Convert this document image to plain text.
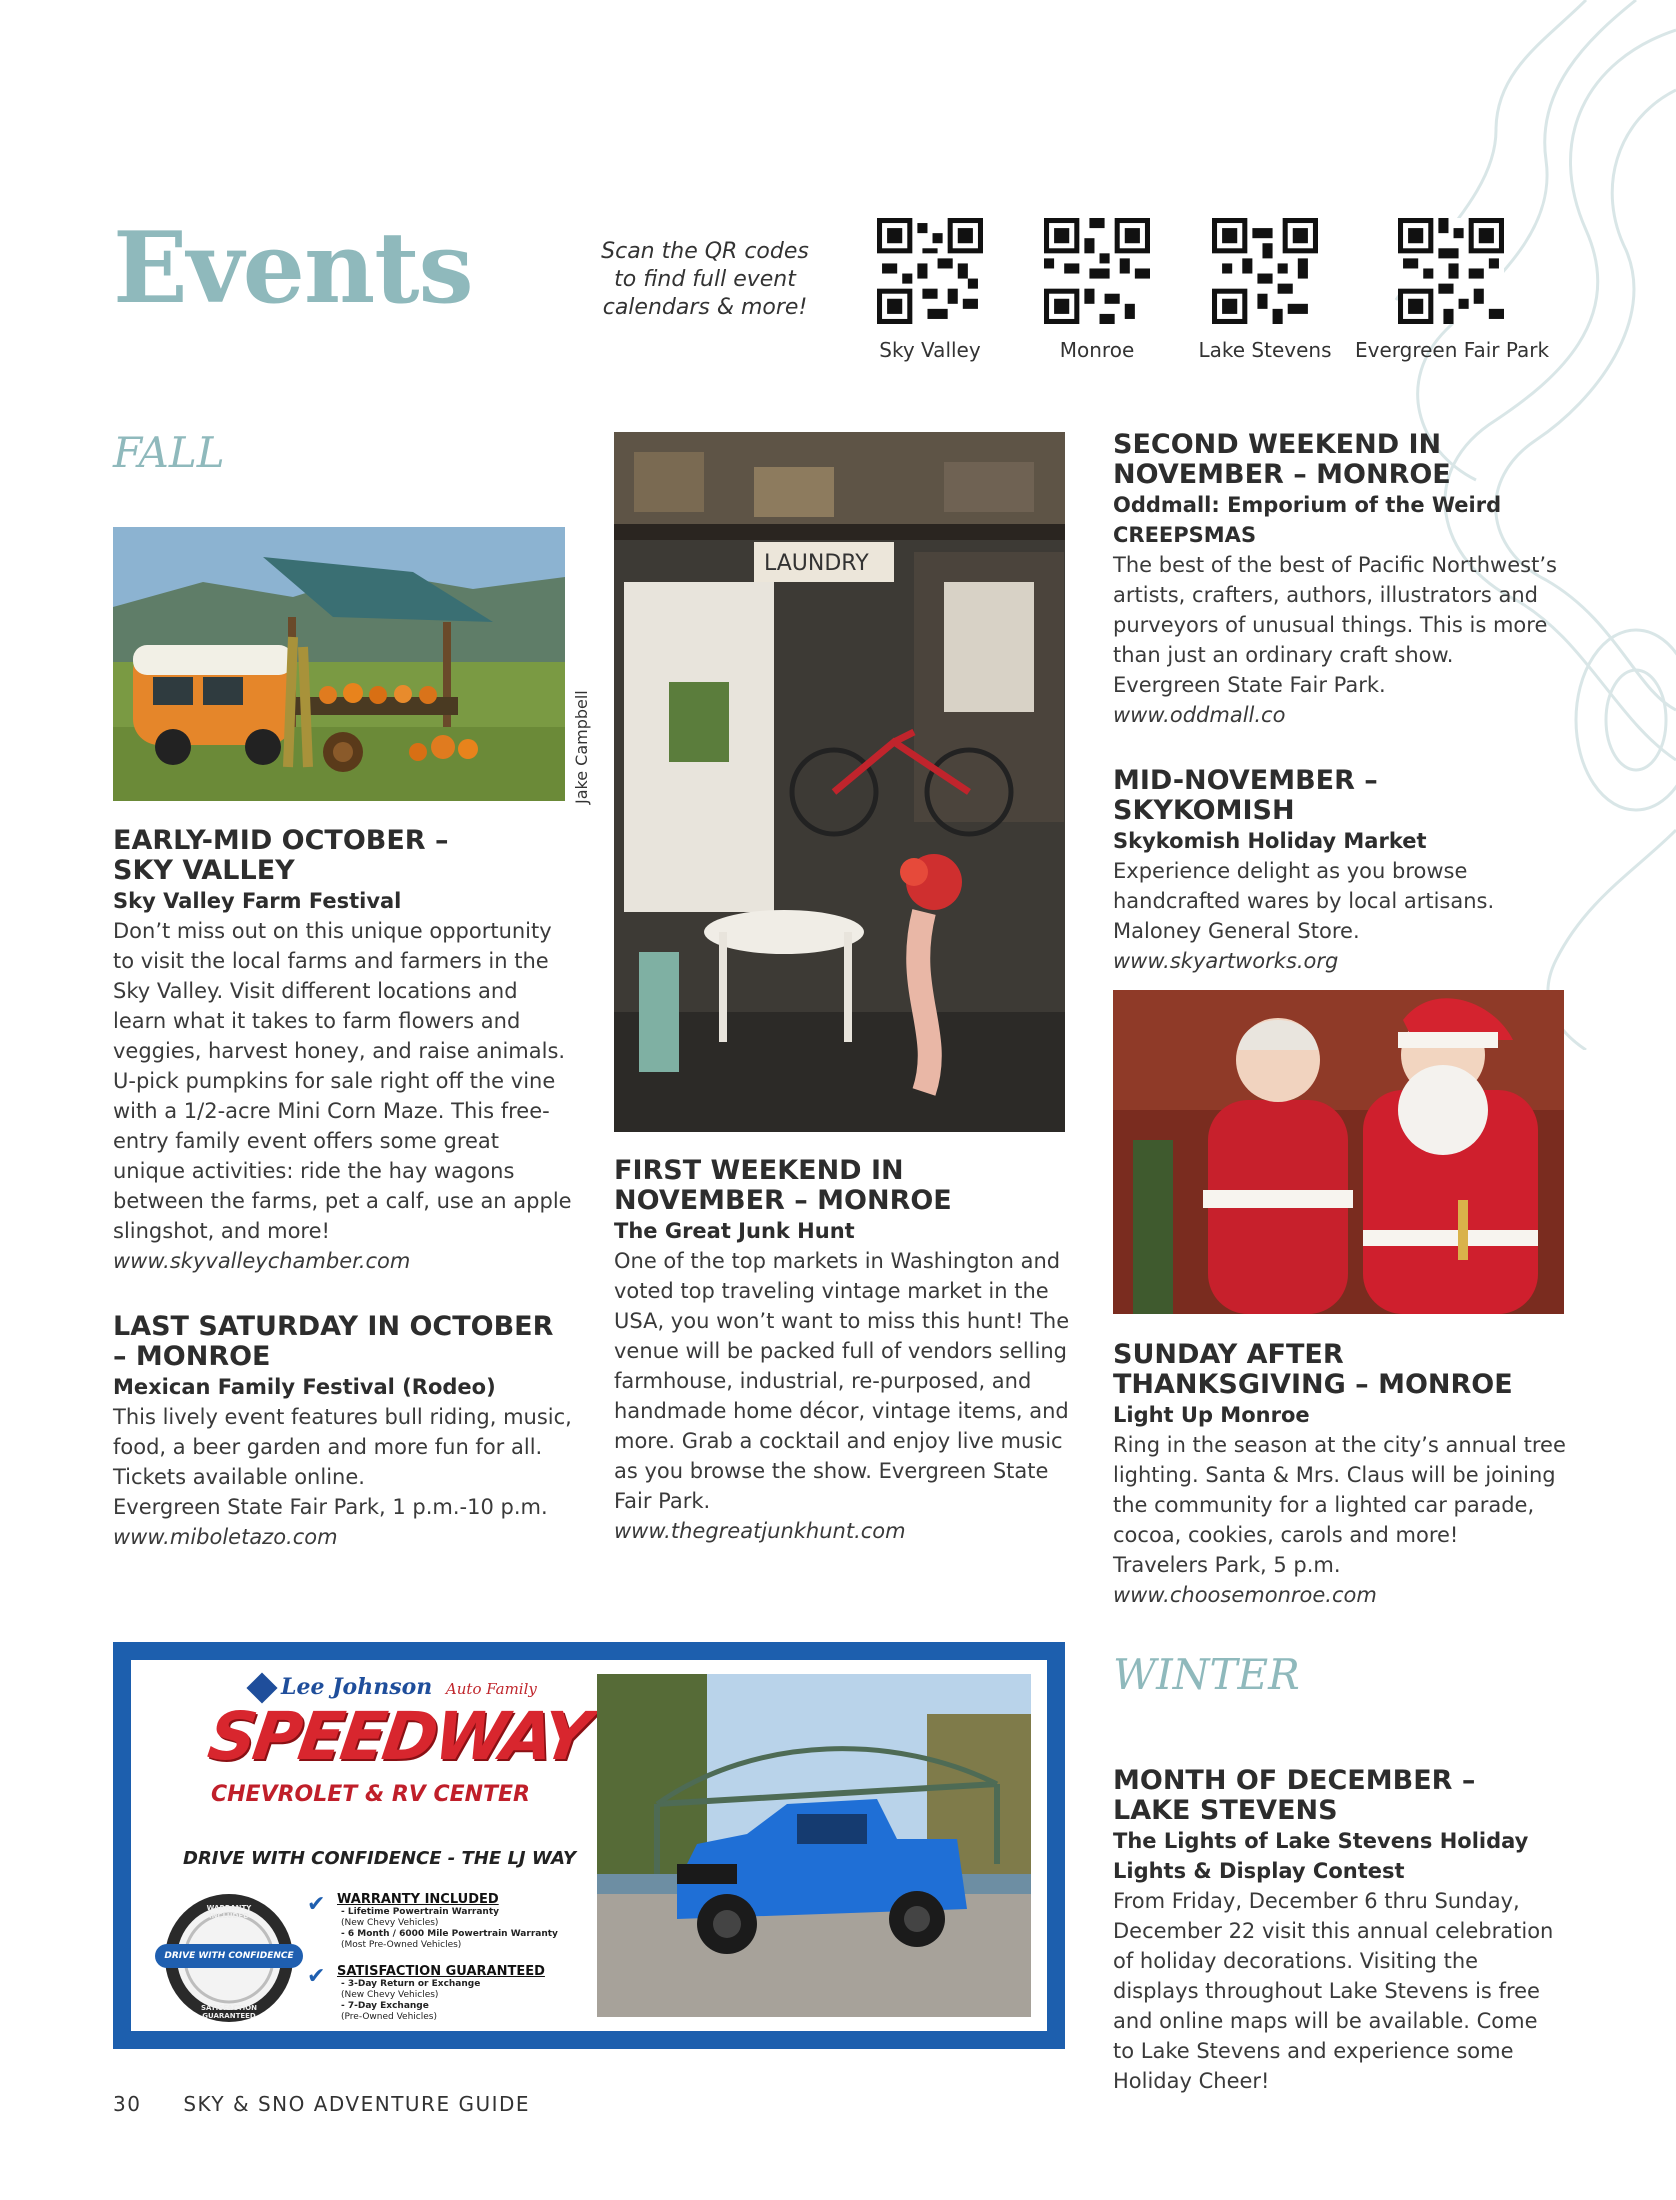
Events	Scan the QR codes to find full event calendars & more!
Sky Valley	Monroe	Lake Stevens Evergreen Fair Park
FALL
Jake Campbell
LAUNDRY
EARLY-MID OCTOBER – SKY VALLEY
Sky Valley Farm Festival
Don’t miss out on this unique opportunity to visit the local farms and farmers in the Sky Valley. Visit different locations and learn what it takes to farm flowers and veggies, harvest honey, and raise animals. U-pick pumpkins for sale right off the vine with a 1/2-acre Mini Corn Maze. This free-entry family event offers some great unique activities: ride the hay wagons between the farms, pet a calf, use an apple slingshot, and more!
www.skyvalleychamber.com
LAST SATURDAY IN OCTOBER – MONROE
Mexican Family Festival (Rodeo)
This lively event features bull riding, music, food, a beer garden and more fun for all. Tickets available online.
Evergreen State Fair Park, 1 p.m.-10 p.m.
www.miboletazo.com
FIRST WEEKEND IN NOVEMBER – MONROE
The Great Junk Hunt
One of the top markets in Washington and voted top traveling vintage market in the USA, you won’t want to miss this hunt! The venue will be packed full of vendors selling farmhouse, industrial, re-purposed, and handmade home décor, vintage items, and more. Grab a cocktail and enjoy live music as you browse the show. Evergreen State Fair Park.
www.thegreatjunkhunt.com
SECOND WEEKEND IN NOVEMBER – MONROE
Oddmall: Emporium of the Weird CREEPSMAS
The best of the best of Pacific Northwest’s artists, crafters, authors, illustrators and purveyors of unusual things. This is more than just an ordinary craft show.
Evergreen State Fair Park.
www.oddmall.co
MID-NOVEMBER – SKYKOMISH
Skykomish Holiday Market
Experience delight as you browse handcrafted wares by local artisans.
Maloney General Store.
www.skyartworks.org
SUNDAY AFTER THANKSGIVING – MONROE
Light Up Monroe
Ring in the season at the city’s annual tree lighting. Santa & Mrs. Claus will be joining the community for a lighted car parade, cocoa, cookies, carols and more!
Travelers Park, 5 p.m.
www.choosemonroe.com
WINTER
MONTH OF DECEMBER – LAKE STEVENS
The Lights of Lake Stevens Holiday Lights & Display Contest
From Friday, December 6 thru Sunday, December 22 visit this annual celebration of holiday decorations. Visiting the displays throughout Lake Stevens is free and online maps will be available. Come to Lake Stevens and experience some Holiday Cheer!
Lee Johnson Auto Family
SPEEDWAY
CHEVROLET & RV CENTER
DRIVE WITH CONFIDENCE - THE LJ WAY
DRIVE WITH CONFIDENCE
WARRANTY INCLUDED
SATISFACTION GUARANTEED
✔ WARRANTY INCLUDED
- Lifetime Powertrain Warranty
(New Chevy Vehicles)
- 6 Month / 6000 Mile Powertrain Warranty
(Most Pre-Owned Vehicles)
✔ SATISFACTION GUARANTEED
- 3-Day Return or Exchange
(New Chevy Vehicles)
- 7-Day Exchange
(Pre-Owned Vehicles)
30 SKY & SNO ADVENTURE GUIDE
